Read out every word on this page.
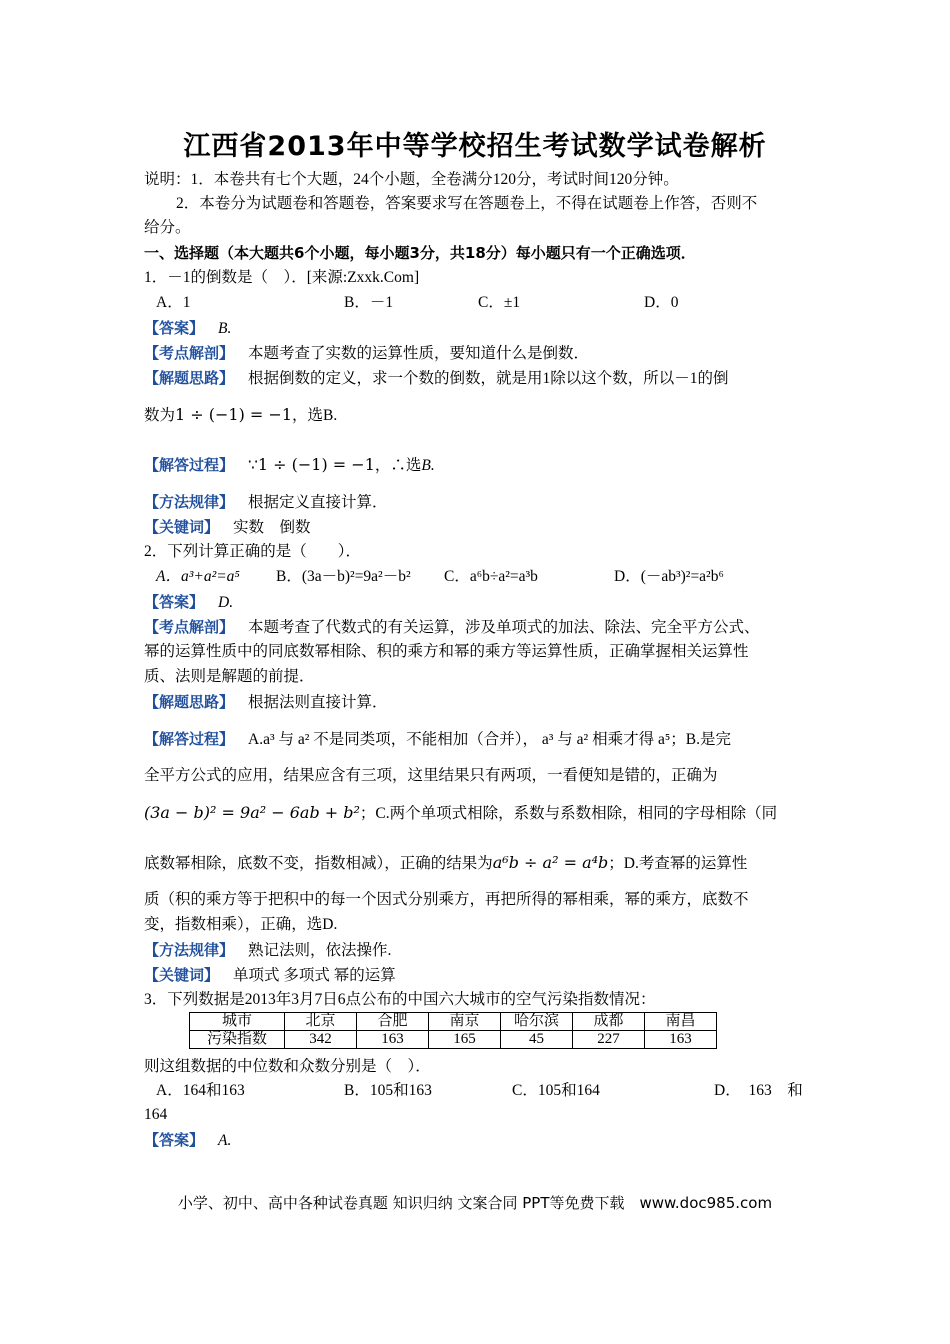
江西省2013年中等学校招生考试数学试卷解析
说明：1．本卷共有七个大题，24个小题，全卷满分120分，考试时间120分钟。
2．本卷分为试题卷和答题卷，答案要求写在答题卷上，不得在试题卷上作答，否则不
给分。
一、选择题（本大题共6个小题，每小题3分，共18分）每小题只有一个正确选项．
1．－1的倒数是（　）．[来源:Zxxk.Com]
A．1	B．－1	C．±1	D．0
【答案】 B.
【考点解剖】 本题考查了实数的运算性质，要知道什么是倒数．
【解题思路】 根据倒数的定义，求一个数的倒数，就是用1除以这个数，所以－1的倒
数为1 ÷ (−1) = −1，选B.
【解答过程】 ∵1 ÷ (−1) = −1，∴选B.
【方法规律】 根据定义直接计算．
【关键词】 实数　倒数
2．下列计算正确的是（　　）．
A．a³+a²=a⁵ B．(3a－b)²=9a²－b² C．a⁶b÷a²=a³b	D．(－ab³)²=a²b⁶
【答案】 D.
【考点解剖】 本题考查了代数式的有关运算，涉及单项式的加法、除法、完全平方公式、
幂的运算性质中的同底数幂相除、积的乘方和幂的乘方等运算性质，正确掌握相关运算性
质、法则是解题的前提．
【解题思路】 根据法则直接计算．
【解答过程】 A.a³ 与 a² 不是同类项，不能相加（合并）， a³ 与 a² 相乘才得 a⁵；B.是完
全平方公式的应用，结果应含有三项，这里结果只有两项，一看便知是错的，正确为
(3a − b)² = 9a² − 6ab + b²；C.两个单项式相除，系数与系数相除，相同的字母相除（同
底数幂相除，底数不变，指数相减），正确的结果为a⁶b ÷ a² = a⁴b；D.考查幂的运算性
质（积的乘方等于把积中的每一个因式分别乘方，再把所得的幂相乘，幂的乘方，底数不
变，指数相乘），正确，选D.
【方法规律】 熟记法则，依法操作.
【关键词】 单项式 多项式 幂的运算
3．下列数据是2013年3月7日6点公布的中国六大城市的空气污染指数情况：
城市	北京	合肥	南京	哈尔滨	成都	南昌
污染指数	342	163	165	45	227	163
则这组数据的中位数和众数分别是（　）．
A．164和163	B．105和163	C．105和164	D．　163　和
164
【答案】 A.
小学、初中、高中各种试卷真题 知识归纳 文案合同 PPT等免费下载　www.doc985.com
